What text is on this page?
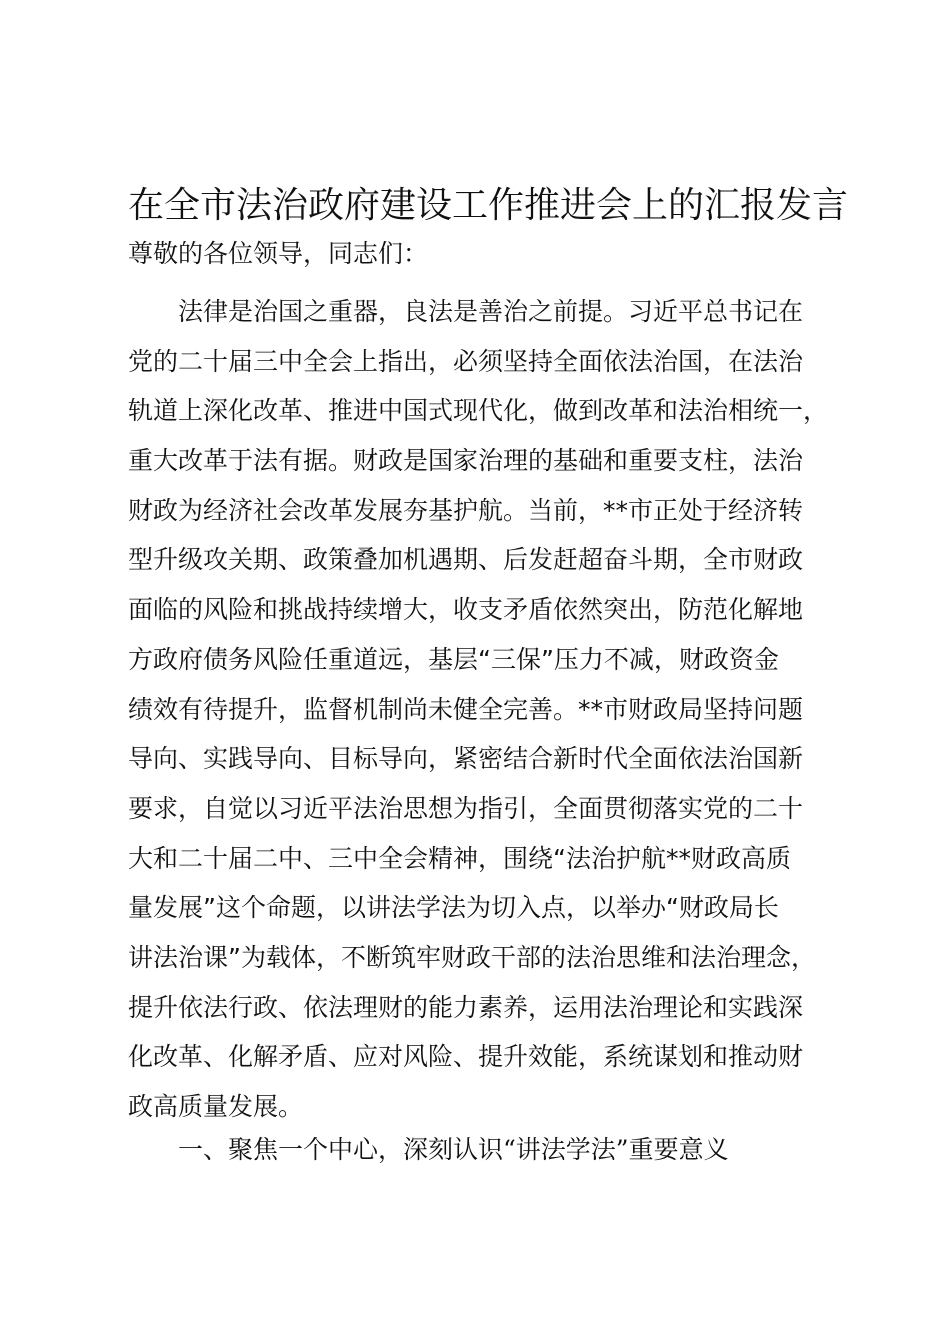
在全市法治政府建设工作推进会上的汇报发言
尊敬的各位领导，同志们：
法律是治国之重器，良法是善治之前提。习近平总书记在
党的二十届三中全会上指出，必须坚持全面依法治国，在法治
轨道上深化改革、推进中国式现代化，做到改革和法治相统一，
重大改革于法有据。财政是国家治理的基础和重要支柱，法治
财政为经济社会改革发展夯基护航。当前，**市正处于经济转
型升级攻关期、政策叠加机遇期、后发赶超奋斗期，全市财政
面临的风险和挑战持续增大，收支矛盾依然突出，防范化解地
方政府债务风险任重道远，基层“三保”压力不减，财政资金
绩效有待提升，监督机制尚未健全完善。**市财政局坚持问题
导向、实践导向、目标导向，紧密结合新时代全面依法治国新
要求，自觉以习近平法治思想为指引，全面贯彻落实党的二十
大和二十届二中、三中全会精神，围绕“法治护航**财政高质
量发展”这个命题，以讲法学法为切入点，以举办“财政局长
讲法治课”为载体，不断筑牢财政干部的法治思维和法治理念，
提升依法行政、依法理财的能力素养，运用法治理论和实践深
化改革、化解矛盾、应对风险、提升效能，系统谋划和推动财
政高质量发展。
一、聚焦一个中心，深刻认识“讲法学法”重要意义
